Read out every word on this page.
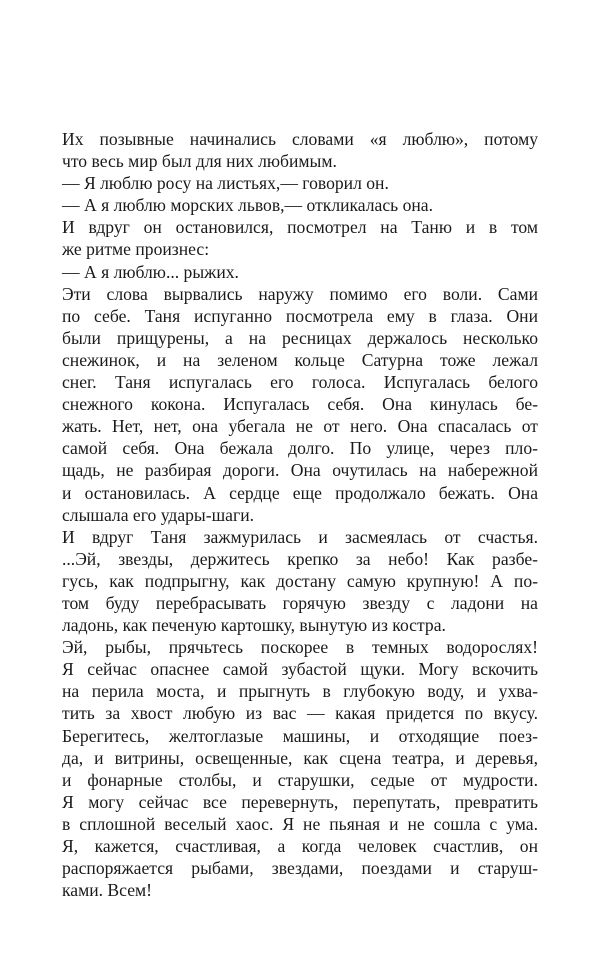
Их позывные начинались словами «я люблю», потому
что весь мир был для них любимым.
— Я люблю росу на листьях,— говорил он.
— А я люблю морских львов,— откликалась она.
И вдруг он остановился, посмотрел на Таню и в том
же ритме произнес:
— А я люблю... рыжих.
Эти слова вырвались наружу помимо его воли. Сами
по себе. Таня испуганно посмотрела ему в глаза. Они
были прищурены, а на ресницах держалось несколько
снежинок, и на зеленом кольце Сатурна тоже лежал
снег. Таня испугалась его голоса. Испугалась белого
снежного кокона. Испугалась себя. Она кинулась бе-
жать. Нет, нет, она убегала не от него. Она спасалась от
самой себя. Она бежала долго. По улице, через пло-
щадь, не разбирая дороги. Она очутилась на набережной
и остановилась. А сердце еще продолжало бежать. Она
слышала его удары-шаги.
И вдруг Таня зажмурилась и засмеялась от счастья.
...Эй, звезды, держитесь крепко за небо! Как разбе-
гусь, как подпрыгну, как достану самую крупную! А по-
том буду перебрасывать горячую звезду с ладони на
ладонь, как печеную картошку, вынутую из костра.
Эй, рыбы, прячьтесь поскорее в темных водорослях!
Я сейчас опаснее самой зубастой щуки. Могу вскочить
на перила моста, и прыгнуть в глубокую воду, и ухва-
тить за хвост любую из вас — какая придется по вкусу.
Берегитесь, желтоглазые машины, и отходящие поез-
да, и витрины, освещенные, как сцена театра, и деревья,
и фонарные столбы, и старушки, седые от мудрости.
Я могу сейчас все перевернуть, перепутать, превратить
в сплошной веселый хаос. Я не пьяная и не сошла с ума.
Я, кажется, счастливая, а когда человек счастлив, он
распоряжается рыбами, звездами, поездами и старуш-
ками. Всем!
